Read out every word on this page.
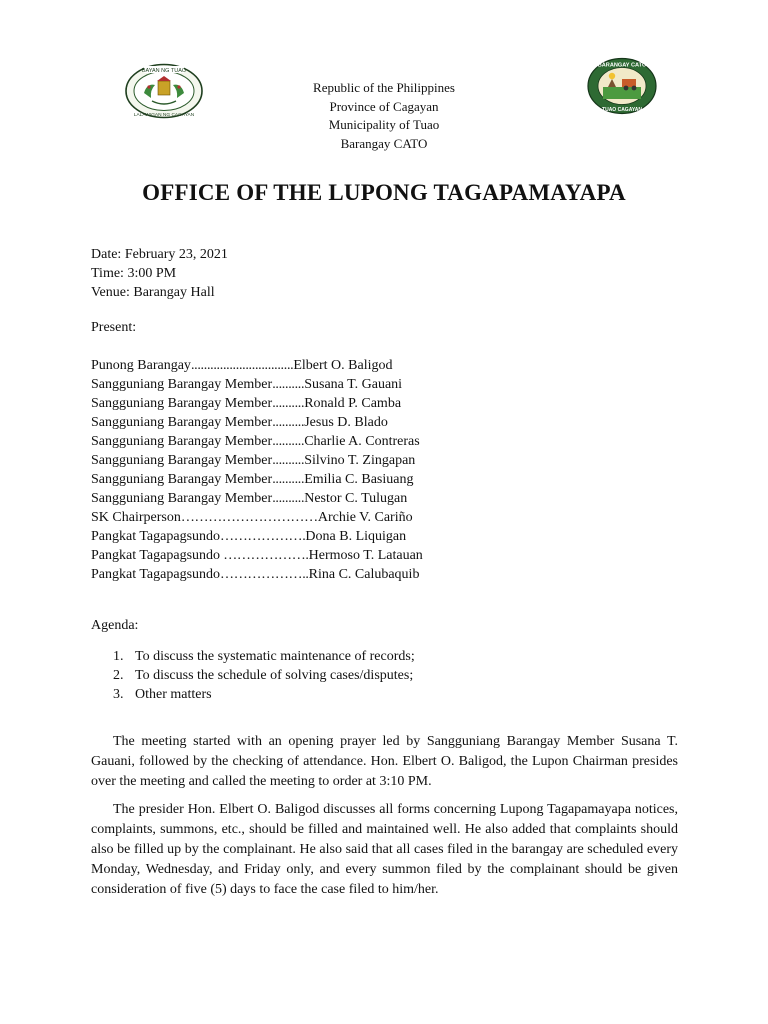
BAYAN NG TUAO
LALAWIGAN NG CAGAYAN
BARANGAY CATO
TUAO CAGAYAN
Republic of the Philippines
Province of Cagayan
Municipality of Tuao
Barangay CATO
OFFICE OF THE LUPONG TAGAPAMAYAPA
Date: February 23, 2021
Time: 3:00 PM
Venue: Barangay Hall
Present:
Punong Barangay................................Elbert O. Baligod
Sangguniang Barangay Member..........Susana T. Gauani
Sangguniang Barangay Member..........Ronald P. Camba
Sangguniang Barangay Member..........Jesus D. Blado
Sangguniang Barangay Member..........Charlie A. Contreras
Sangguniang Barangay Member..........Silvino T. Zingapan
Sangguniang Barangay Member..........Emilia C. Basiuang
Sangguniang Barangay Member..........Nestor C. Tulugan
SK Chairperson…………………………Archie V. Cariño
Pangkat Tagapagsundo……………….Dona B. Liquigan
Pangkat Tagapagsundo ……………….Hermoso T. Latauan
Pangkat Tagapagsundo………………..Rina C. Calubaquib
Agenda:
1. To discuss the systematic maintenance of records;
2. To discuss the schedule of solving cases/disputes;
3. Other matters

The meeting started with an opening prayer led by Sangguniang Barangay Member Susana T. Gauani, followed by the checking of attendance. Hon. Elbert O. Baligod, the Lupon Chairman presides over the meeting and called the meeting to order at 3:10 PM.

The presider Hon. Elbert O. Baligod discusses all forms concerning Lupong Tagapamayapa notices, complaints, summons, etc., should be filled and maintained well. He also added that complaints should also be filled up by the complainant. He also said that all cases filed in the barangay are scheduled every Monday, Wednesday, and Friday only, and every summon filed by the complainant should be given consideration of five (5) days to face the case filed to him/her.
